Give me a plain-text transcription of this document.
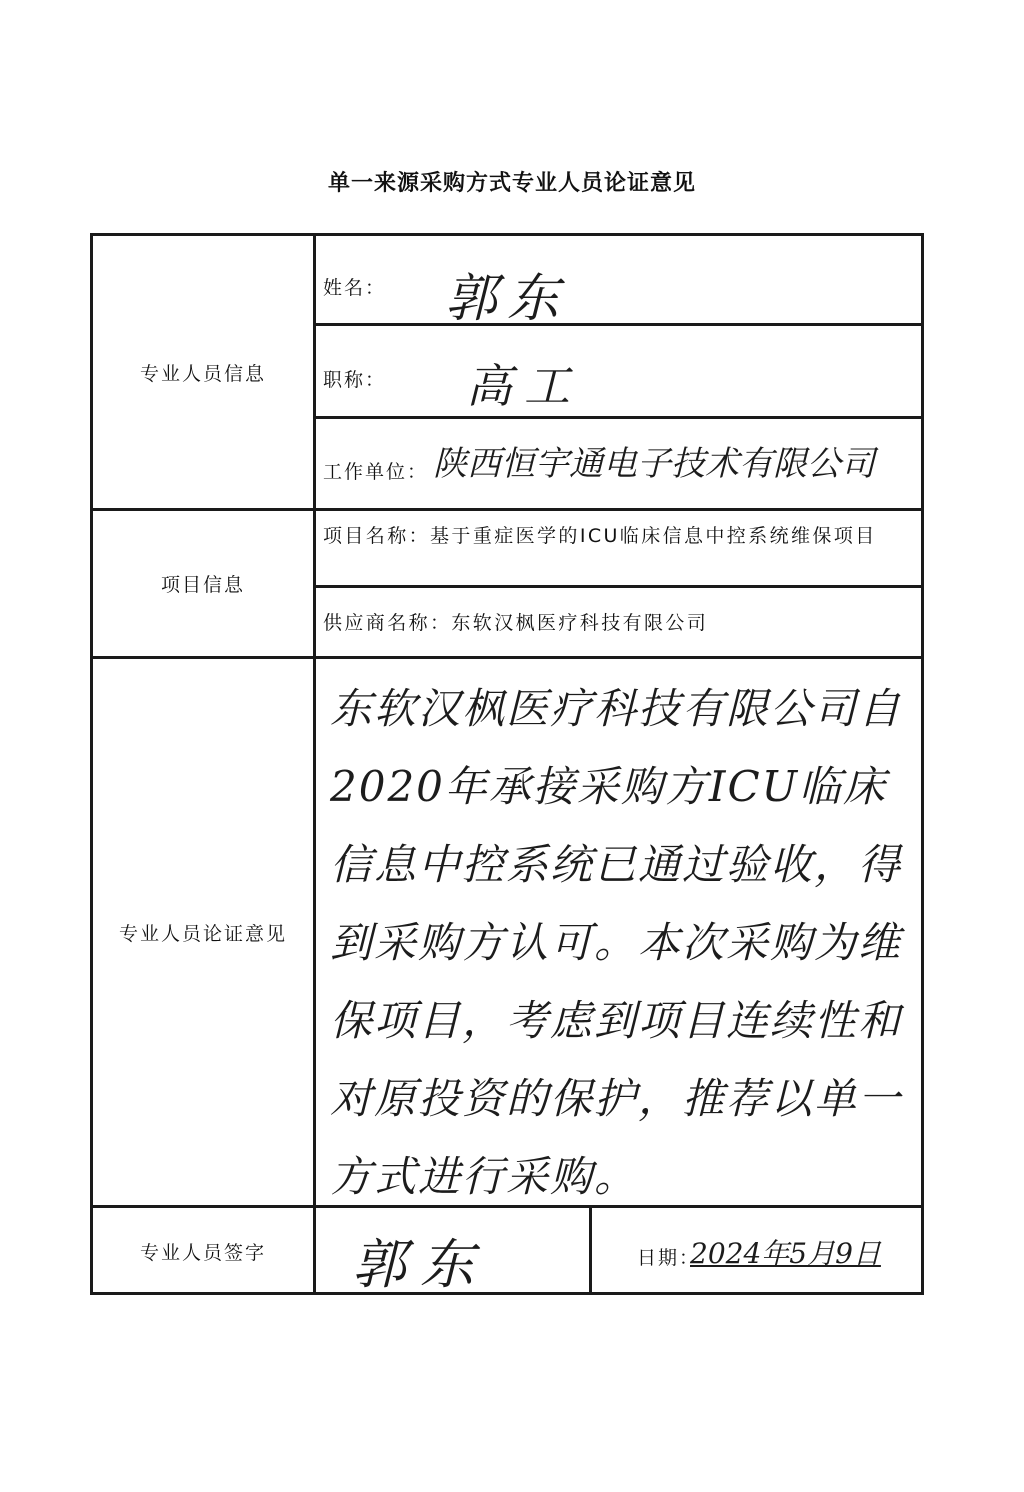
单一来源采购方式专业人员论证意见
专业人员信息
项目信息
专业人员论证意见
专业人员签字
姓名： 郭东
职称： 高工
工作单位： 陕西恒宇通电子技术有限公司
项目名称：基于重症医学的ICU临床信息中控系统维保项目
供应商名称：东软汉枫医疗科技有限公司
东软汉枫医疗科技有限公司自2020年承接采购方ICU临床信息中控系统已通过验收，得到采购方认可。本次采购为维保项目，考虑到项目连续性和对原投资的保护，推荐以单一方式进行采购。
郭东	日期：
2024年5月9日
